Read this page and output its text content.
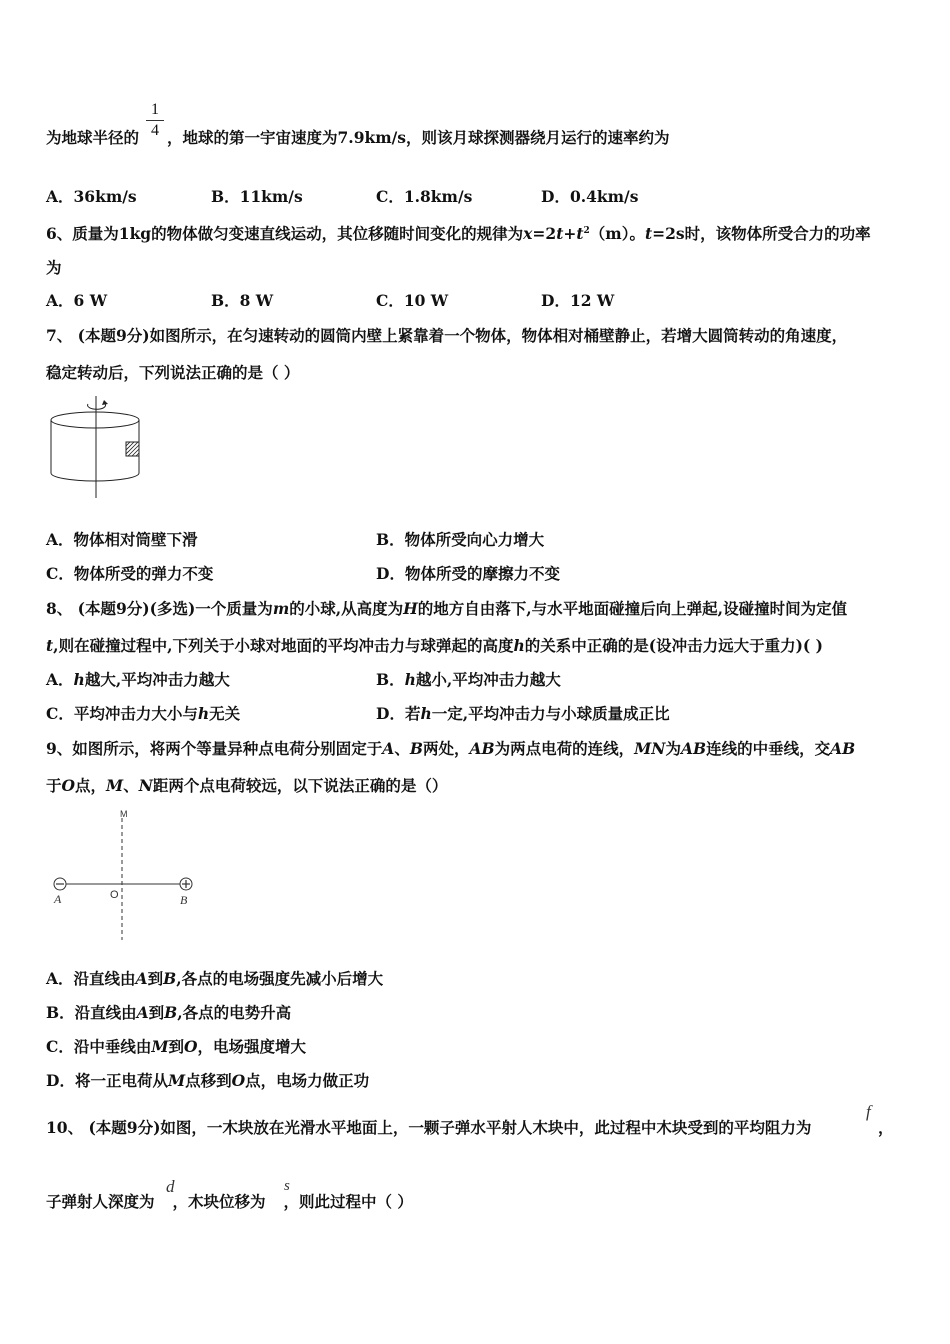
为地球半径的 ，地球的第一宇宙速度为7.9km/s，则该月球探测器绕月运行的速率约为
1
4
A．36km/s	B．11km/s	C．1.8km/s	D．0.4km/s
6、质量为1kg的物体做匀变速直线运动，其位移随时间变化的规律为$x=2t+t^2(m)$。t=2s时，该物体所受合力的功率
为
A．6 W	B．8 W	C．10 W	D．12 W
7、 (本题9分)如图所示，在匀速转动的圆筒内壁上紧靠着一个物体，物体相对桶壁静止，若增大圆筒转动的角速度，
稳定转动后，下列说法正确的是（ ）
A．物体相对筒壁下滑	B．物体所受向心力增大
C．物体所受的弹力不变	D．物体所受的摩擦力不变
8、 (本题9分)(多选)一个质量为m的小球,从高度为H的地方自由落下,与水平地面碰撞后向上弹起,设碰撞时间为定值
t,则在碰撞过程中,下列关于小球对地面的平均冲击力与球弹起的高度h的关系中正确的是(设冲击力远大于重力)( )
A．h越大,平均冲击力越大	B．h越小,平均冲击力越大
C．平均冲击力大小与h无关	D．若h一定,平均冲击力与小球质量成正比
9、如图所示，将两个等量异种点电荷分别固定于A、B两处，AB为两点电荷的连线，MN为AB连线的中垂线，交AB
于O点，M、N距两个点电荷较远，以下说法正确的是（）
M
O
A	B
A．沿直线由A到B,各点的电场强度先减小后增大
B．沿直线由A到B,各点的电势升高
C．沿中垂线由M到O，电场强度增大
D．将一正电荷从M点移到O点，电场力做正功
10、 (本题9分)如图，一木块放在光滑水平地面上，一颗子弹水平射人木块中，此过程中木块受到的平均阻力为
f
，
子弹射人深度为 ，木块位移为 ，则此过程中（ ）
d	s
